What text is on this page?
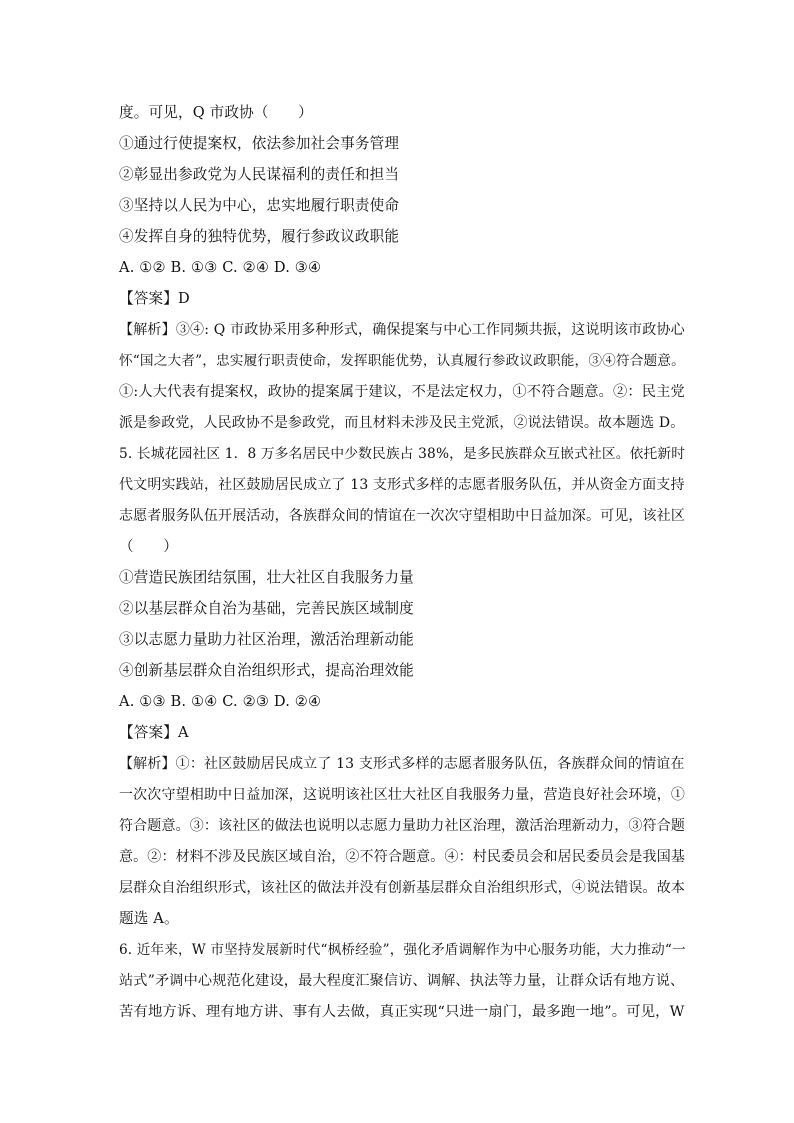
度。可见，Q 市政协（　　）
①通过行使提案权，依法参加社会事务管理
②彰显出参政党为人民谋福利的责任和担当
③坚持以人民为中心，忠实地履行职责使命
④发挥自身的独特优势，履行参政议政职能
A. ①② B. ①③ C. ②④ D. ③④
【答案】D
【解析】③④: Q 市政协采用多种形式，确保提案与中心工作同频共振，这说明该市政协心
怀“国之大者”，忠实履行职责使命，发挥职能优势，认真履行参政议政职能，③④符合题意。
①:人大代表有提案权，政协的提案属于建议，不是法定权力，①不符合题意。②：民主党
派是参政党，人民政协不是参政党，而且材料未涉及民主党派，②说法错误。故本题选 D。
5. 长城花园社区 1．8 万多名居民中少数民族占 38%，是多民族群众互嵌式社区。依托新时
代文明实践站，社区鼓励居民成立了 13 支形式多样的志愿者服务队伍，并从资金方面支持
志愿者服务队伍开展活动，各族群众间的情谊在一次次守望相助中日益加深。可见，该社区
（　　）
①营造民族团结氛围，壮大社区自我服务力量
②以基层群众自治为基础，完善民族区域制度
③以志愿力量助力社区治理，激活治理新动能
④创新基层群众自治组织形式，提高治理效能
A. ①③ B. ①④ C. ②③ D. ②④
【答案】A
【解析】①：社区鼓励居民成立了 13 支形式多样的志愿者服务队伍，各族群众间的情谊在
一次次守望相助中日益加深，这说明该社区壮大社区自我服务力量，营造良好社会环境，①
符合题意。③：该社区的做法也说明以志愿力量助力社区治理，激活治理新动力，③符合题
意。②：材料不涉及民族区域自治，②不符合题意。④：村民委员会和居民委员会是我国基
层群众自治组织形式，该社区的做法并没有创新基层群众自治组织形式，④说法错误。故本
题选 A。
6. 近年来，W 市坚持发展新时代“枫桥经验”，强化矛盾调解作为中心服务功能，大力推动“一
站式”矛调中心规范化建设，最大程度汇聚信访、调解、执法等力量，让群众话有地方说、
苦有地方诉、理有地方讲、事有人去做，真正实现“只进一扇门，最多跑一地”。可见，W
